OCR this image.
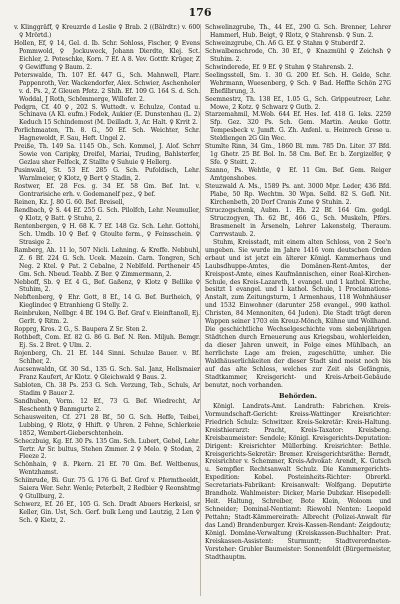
176

v. Klinggräff, ♀ Kreuzrde d Leslie ♀ Brab. 2 ((Bälrdtr.) v. 600 ♀ Mrörtd.)

Hollen, Ef, ♀ 14, Gel. d. Ib. Schr. Sohloss, Fischer, ♀ Evens Pommwold, ♀ Jockuweck, Johann Dierdte, Klej. Sct. Eichler, 2. Poteschke, Korn. 7 Ef. A 8. Vev. Gottfr. Krüger, Z ♀ Gewiffung ♀ Baum. 2.

Peterswalde, Th. 107 Ef. 447 G., Sch. Mahnwell, Plarr. Pappenroth, Ver. Wackendorfer, Alex. Schwier, Aschenholer v. d. Ps. 2, Z Gleuen Pfetz. 2 Shlh. Ef. 109 G. 164 S. d. Sch. Woddal, J Roth, Schömmerge, Willofer. 2.

Pedgrn, Cf. 40 ♀, 202 S. Wuttedt. v. Echulze, Contad u. Schinava (A Kl. eufm.) Fodek, Aukier (E. Dunstenhau (L. 2) Keduch 15 Schindemost (M. Deilladt. 3, Ar. Halt. ♀ Krrit 2.

Porlichmaaten, Th. 8. G., 50 Ef. Sch. Weichter, Schr. Hagnewoldt, F. Sau, Heft. Ungel 2.

Preiße, Th. 149 Sa. 1145 Ob., Sch. Kommel, J. Alof. Schrr Sowie von Caripky, Dreifel, Mariai, Truding, Bahlsterfer, Gezlau sher Felfeck, Z Stallte ♀ Suhuie ♀ Hellerg.

Pusinwald, St. 53 Ef. 285 G. Sch. Pufoldisch, Lehr. Warnlmeier, ♀ Klotz, ♀ Bert ♀ Stadin, 2.

Rostwer, Ef. 28 Fcs. g. 34 Ef. 58 Gm. Bef. Int. v. Gontrarisiche erh. v. Godemanelf pez., ♀ bef.

Reinen, Kz. J. 80 G. 60. Bef. Breisell,

Rendbach, ♀ S. 44 Ef. 255 G. Sch. Pilolfch, Lehr. Neumuller, ♀ Klotz, ♀ Batt. ♀ Stuhu, 2.

Rentenbergen, ♀ H. 68 K. 7 Ef. 148 Gz. Sch. Lehr. Gottohi, Sch. Umdb. 10 ♀ Bef. ♀ Gtoulte ferm., ♀ Feinsschein. ♀ Strasige 2.

Ramberg, Ah. 11 lo, 507 Nicli. Lehning. & Kreffe. Nebbuhl, Z. 6 Bf. 224 G. Sch. Ucek. Mazein. Carn. Tongren, Sch Neg. 2 Ktel. ♀ Pat. 2 Cebalne, 2 Neblfeld. Pertheneir 45 Gm. Sch. Nbeud. Teabb. Z Ber. ♀ Zimmermann, 2.

Nebboff, Sb. ♀ Ef. 4 G., Bef. Gaßenz, ♀ Klotz ♀ Bellike ♀ Stuhim, 2.

Nebftenberg, ♀ Ehr. Gott, 8 Ef., 14 G. Bef. Burlheich, ♀ Kieglindec ♀ Etranhieng G Stelly. 2.

Reinbruken, Nellbgr. 4 Bf. 194 G. Bef. Graf v. Eleinftanoll, Ej. Gerlt. ♀ Ritm. 2.

Ropprg, Kros. 2 G., S. Baupera Z Sr. Sten 2.

Rothbeft, Com. Ef. 82 G. 86 G. Bef. N. Ren. Miljuh. Bemgr. Ej. Ss. 2 Bret. ♀ Ulm. 2.

Rojenberg, Ch. 21 Ef. 144 Sinni. Schulze Bauer. v. Bf. Schlher, 2.

Aucsenwaldn, Gf. 30 Sd., 135 G. Sch. Sal. Janz, Hellsmaier Franz Kaufert, Ar Klotz. ♀ Gleichwald ♀ Baus. 2.

Sabloten, Ch. 38 Ps. 253 G. Sch. Verzung, Teb., Schuls, Ar Stadim ♀ Bauer 2.

Sandhuben, Vorm. 12 Ef., 73 G. Bef. Wiedrecht, Ar Reschenth ♀ Banmgurte 2.

Schausweiten, Cf. 271 28 Bf., 50 G. Sch. Heffe, Teibei, Lubbing, ♀ Rlotz, ♀ Hhift. ♀ Uhren. 2 Fehne, Schlerkeie 1852, Wembert-Gieberschtenhein.

Scheczbuig, Kg. Ef. 30 Ps. 135 Gm. Sch. Lubert, Gebel, Lehr. Tertr. Ar Sr. bultus, Stehen Zmmer. 2 ♀ Melo. ♀ Stodan, 2 Fleeze 2.

Schönhain, ♀ ß. Pkern. 21 Ef. 70 Gm. Bef. Weltbenus, Wentzhamst.

Schiinrude, Bi. Gur. 75 G. 176 G. Bef. Grof v. Pfermtheeldt, Saiera Wer. Sehr. Wenle; Peterbelt, 2 Redbier ♀ Reonshtmg ♀ Gtullburg, 2.

Schwerz, Ef. 26 Ef., 105 G. Sch. Dradt Abuers Herkeisl, sr Keller, Gin. Ust, Sch. Gerf. bulk Leng und Lautzig, 2 Len ♀ Sch. ♀ Kietz, 2.

Schwelinzgrube, Th., 44 Ef., 290 G. Sch. Brenner, Lehrer Hammerl, Hub. Beigt, ♀ Rlotz, ♀ Stahrensb. ♀ Sun. 2.

Schweinzgrube, Ch. A6 G. Ef. ♀ Stahm ♀ Stuberdf 2.

Schwalbenschrode, Ch. 30 Ef., ♀ Knazmühl ♀ Zeichsh ♀ Stuhim. 2.

Schwinderede, Ef. 9 Ef. ♀ Stuhm ♀ Stahrensb. 2.

Seelingsstell, Sm. 1. 30 G. 200 Ef. Sch. H. Gelde, Schr. Wehrmann, Wuesenberg, ♀ Sch. ♀ Bad. Heffte Schön 27G Ehefilbrung, 3.

Seemnestrz, Th. 138 Ef., 1.05 G., Sch. Grippeutreer, Lehr. Mowe, 2 Kotz. ♀ Schwarz ♀ Gutb. 2.

Starzemahmil, M.Wob. 644 Ef. Hes. Ief. 418 G. Ieks. 2259 Sfp. Gez. 320 Ps. Sch. Gem. Martin. Aeuke Gottr. Tempesbeck v. Jumft. G. Zh. Anfenl. u. Heinrech Grese u. Steldiengen 2G Gin Wec.

Stumlte Rinn, 34 Gm., 1860 Bl. mm. 785 Dn. Liter. 37 Bfd. 1g Ghetr. 25 Bf. Bol. In. 58 Cm. Bef. Er. b. Zergizelfer, ♀ Sfe. ♀ Steitt. 2.

Szanno, Ps. Wehtle, ♀ Ef. 11 Gm. Bef. Gem. Reiger Amtgenshobes.

Steuzwald A. Ms., 1589 Ps. ant. 3000 Mpr. Leder, 436 Bfd. Plabe, 50 Rp. Wechtm. 30 Wpn. Selld. 82 S. Gefl. Nit. Kirchenbeth, 20 Dorf Cranis Zune ♀ Stuhin. 2.

Struczogschenk, Aubm. 1. Eh. 22 Bf. 164 Gm. gedgl. Struczogyen, Th. 62 Bf., 466 G., Sch. Muskeln, Pförs. Brasmenelt in Ärseneln, Lehrer Lakenstelg, Theraum. Carrwstaub. 2.

Stuhm, Kreisstadt, mit einem alten Schloss, von 2 See'n umgeben. Sie wurde im Jahre 1416 vom deutschen Orden erbaut und ist jetzt ein älterer Königl. Kammerhaus und Laubsdhuppe-Amtes, die Domänen-Rent-Amtes, der Kreispost-Amte, eines Kaufmännischen, einer Real-Kirchen-Schule, des Kreis-Lazareth, 1 evangel. und 1 kathol. Kirche, besitzt 1 evangel. und 1 kathol. Schule, 1 Proclamations-Anstalt, zum Zeitungsturm, 1 Armenhaus, 118 Wohnhäuser und 1532 Einwohner (darunter 258 evangel., 990 kathol. Christen, 84 Mennoniten, 64 Juden). Die Stadt trägt deren Wappen seiner 1703 ein Kreuz-Mönch, Kühne und Wollhand. Die geschichtliche Wechselgeschichte vom siebenjährigen Städtchen durch Erneuerung aus Kriegsbau, wohlerleiden, da dieser Jahren unweit, in Folge eines Mühlbach, an herrlichste Lage am freien, zugeschütte, umher. Die Waldhäuserlichkeiten der dieser Stadt sind meist noch bis auf das alte Schloss, welches zur Zeit als Gefängnis, Stadtkammer, Kreisgericht- und Kreis-Arbeit-Gebäude benutzt, noch vorhanden.

Behörden.

Königl. Landrats-Amt. Landrath: Fabrichen. Kreis-Vormundschaft-Gericht: Kreiss-Wattinger Kreisrichter: Friedrich Schulz: Schwitzer. Kreis-Sekretär: Kreis-Haltung. Kreisthierarzt: Pracht, Kreis-Taxator: Kreisbeng. Kreisbaumeister: Sendele; Königl. Kreisgerichts-Deputation: Dirigent: Kreisrichter Müllerbing. Kreisrichter: Bethle. Kreisgerichts-Sekretär: Bremer. Kreisgerichtsräthe: Berndt, Kreisrichter v. Schemmer, Kreis-Advokat: Arendt, K. Gutsch u. Sempfler. Rechtsanwalt Schulz. Die Kammergerichts-Expedition: Kobel. Posteinheits-Richter: Obrerkl. Secretariats-Fabrikant: Kreisanwalt: Wolfgang. Deputirte Brandholz. Wahlmeister: Dicker, Marie Dubzkar. Hisepedell: Heit. Haltung, Schreiber, Bote Klein, Woloom und Schneider; Dominal-Nentiamt: Riewohl Nenten: Leopold Pettahn; Stadt-Kämmereirath: Albrecht (Polizei-Anwalt für das Land) Brandenburger. Kreis-Kassen-Rendant: Zeigdoutz; Königl. Domäne-Verwaltung (Kreiskassen-Buchhalter: Prat. Kreiskassen-Assistent: Sturmuntt; Stadtverordneten-Vorsteher: Grubler Baumeister: Sonnenfeldt (Bürgermeister, Stadthauptm.
